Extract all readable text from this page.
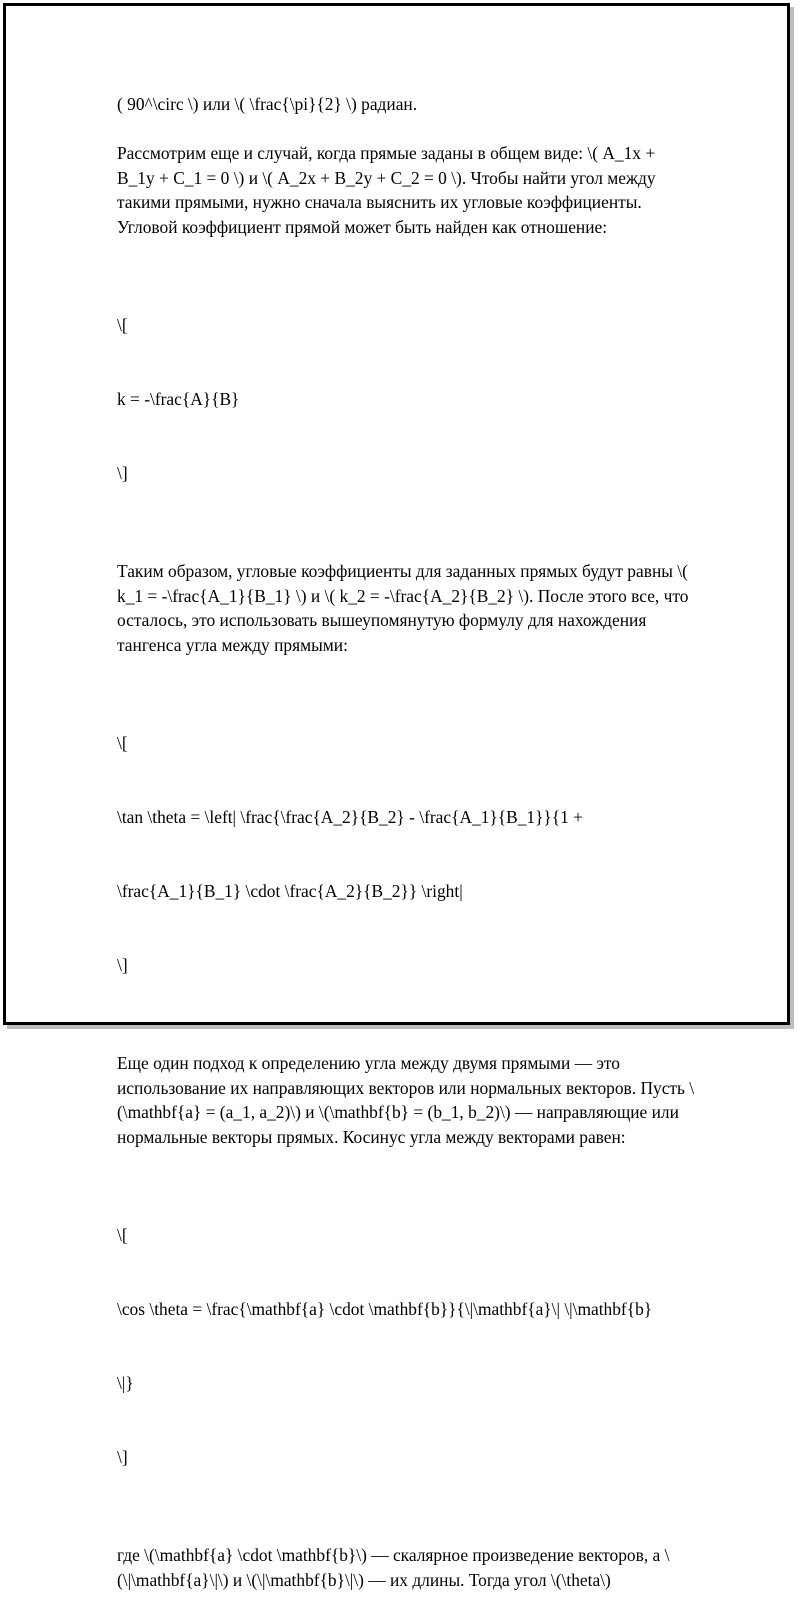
( 90^\circ \) или \( \frac{\pi}{2} \) радиан.

Рассмотрим еще и случай, когда прямые заданы в общем виде: \( A_1x + B_1y + C_1 = 0 \) и \( A_2x + B_2y + C_2 = 0 \). Чтобы найти угол между такими прямыми, нужно сначала выяснить их угловые коэффициенты. Угловой коэффициент прямой может быть найден как отношение:

\[

k = -\frac{A}{B}

\]

Таким образом, угловые коэффициенты для заданных прямых будут равны \( k_1 = -\frac{A_1}{B_1} \) и \( k_2 = -\frac{A_2}{B_2} \). После этого все, что осталось, это использовать вышеупомянутую формулу для нахождения тангенса угла между прямыми:

\[

\tan \theta = \left| \frac{\frac{A_2}{B_2} - \frac{A_1}{B_1}}{1 +

\frac{A_1}{B_1} \cdot \frac{A_2}{B_2}} \right|

\]

Еще один подход к определению угла между двумя прямыми — это использование их направляющих векторов или нормальных векторов. Пусть \(\mathbf{a} = (a_1, a_2)\) и \(\mathbf{b} = (b_1, b_2)\) — направляющие или нормальные векторы прямых. Косинус угла между векторами равен:

\[

\cos \theta = \frac{\mathbf{a} \cdot \mathbf{b}}{\|\mathbf{a}\| \|\mathbf{b}

\|}

\]

где \(\mathbf{a} \cdot \mathbf{b}\) — скалярное произведение векторов, а \(\|\mathbf{a}\|\) и \(\|\mathbf{b}\|\) — их длины. Тогда угол \(\theta\)
